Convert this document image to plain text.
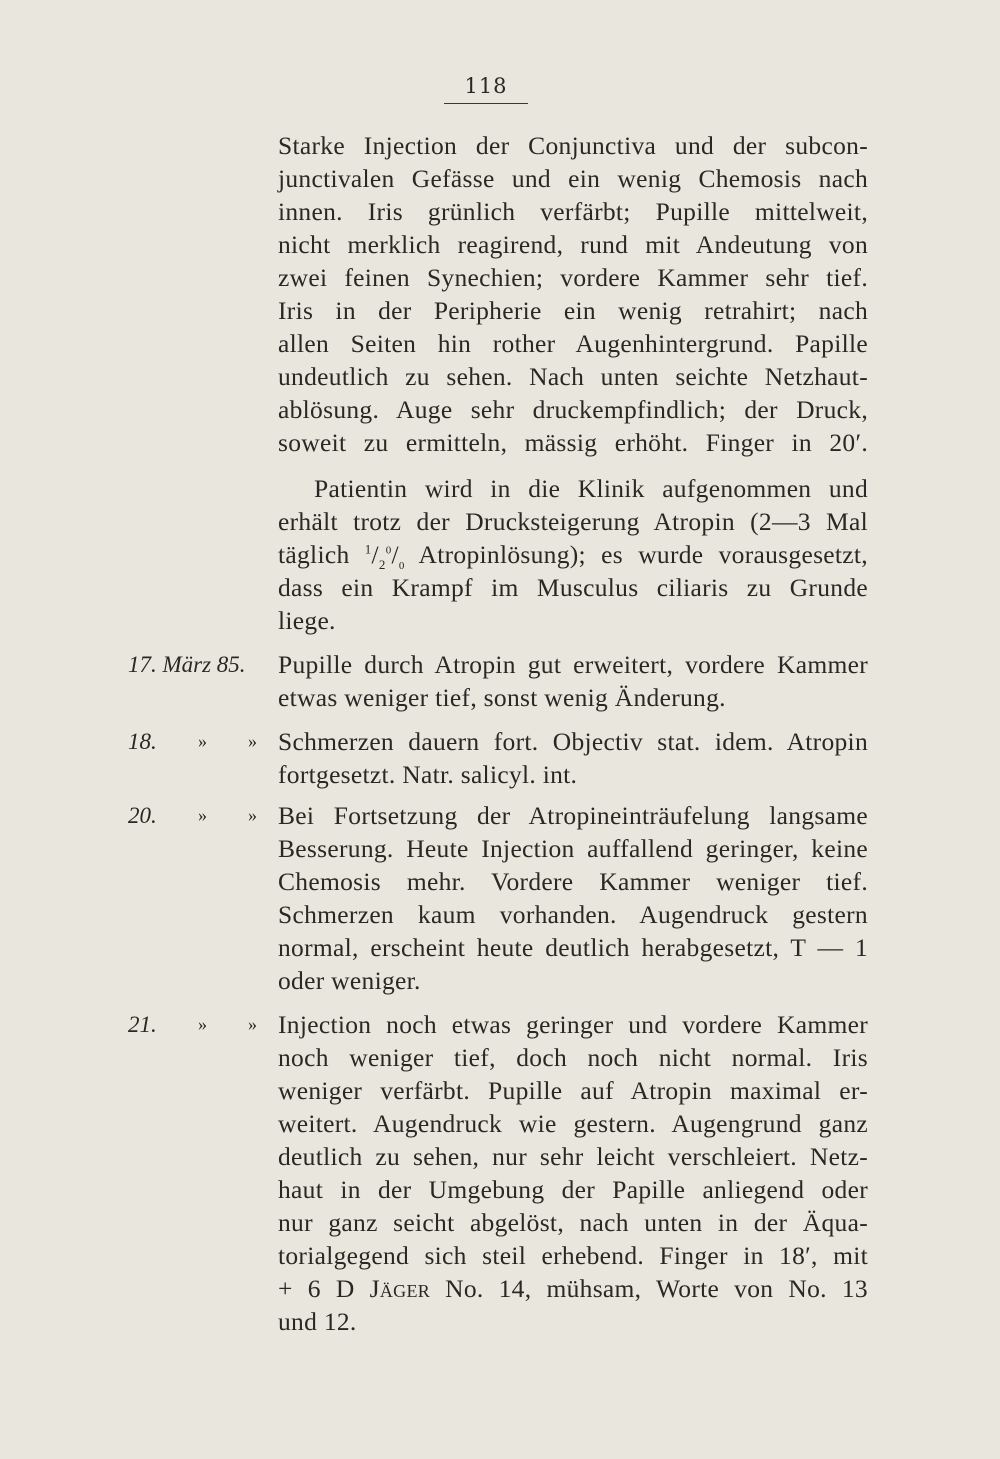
118
Starke Injection der Conjunctiva und der subcon-
junctivalen Gefässe und ein wenig Chemosis nach
innen. Iris grünlich verfärbt; Pupille mittelweit,
nicht merklich reagirend, rund mit Andeutung von
zwei feinen Synechien; vordere Kammer sehr tief.
Iris in der Peripherie ein wenig retrahirt; nach
allen Seiten hin rother Augenhintergrund. Papille
undeutlich zu sehen. Nach unten seichte Netzhaut-
ablösung. Auge sehr druckempfindlich; der Druck,
soweit zu ermitteln, mässig erhöht. Finger in 20′.
Patientin wird in die Klinik aufgenommen und
erhält trotz der Drucksteigerung Atropin (2—3 Mal
täglich $^1/_2^0/_0$ Atropinlösung); es wurde vorausgesetzt,
dass ein Krampf im Musculus ciliaris zu Grunde
liege.
17. März 85. Pupille durch Atropin gut erweitert, vordere Kammer
etwas weniger tief, sonst wenig Änderung.
18. » » Schmerzen dauern fort. Objectiv stat. idem. Atropin
fortgesetzt. Natr. salicyl. int.
20. » » Bei Fortsetzung der Atropineinträufelung langsame
Besserung. Heute Injection auffallend geringer, keine
Chemosis mehr. Vordere Kammer weniger tief.
Schmerzen kaum vorhanden. Augendruck gestern
normal, erscheint heute deutlich herabgesetzt, T — 1
oder weniger.
21. » » Injection noch etwas geringer und vordere Kammer
noch weniger tief, doch noch nicht normal. Iris
weniger verfärbt. Pupille auf Atropin maximal er-
weitert. Augendruck wie gestern. Augengrund ganz
deutlich zu sehen, nur sehr leicht verschleiert. Netz-
haut in der Umgebung der Papille anliegend oder
nur ganz seicht abgelöst, nach unten in der Äqua-
torialgegend sich steil erhebend. Finger in 18′, mit
+ 6 D Jäger No. 14, mühsam, Worte von No. 13
und 12.
